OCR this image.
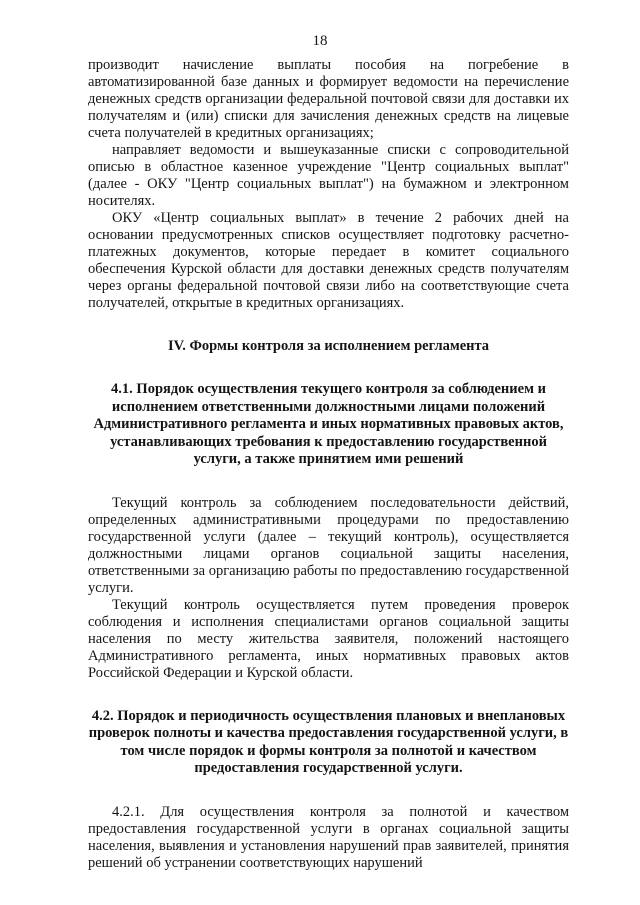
18

производит начисление выплаты пособия на погребение в автоматизированной базе данных и формирует ведомости на перечисление денежных средств организации федеральной почтовой связи для доставки их получателям и (или) списки для зачисления денежных средств на лицевые счета получателей в кредитных организациях;

направляет ведомости и вышеуказанные списки с сопроводительной описью в областное казенное учреждение "Центр социальных выплат" (далее - ОКУ "Центр социальных выплат") на бумажном и электронном носителях.

ОКУ «Центр социальных выплат» в течение 2 рабочих дней на основании предусмотренных списков осуществляет подготовку расчетно-платежных документов, которые передает в комитет социального обеспечения Курской области для доставки денежных средств получателям через органы федеральной почтовой связи либо на соответствующие счета получателей, открытые в кредитных организациях.

IV. Формы контроля за исполнением регламента
4.1. Порядок осуществления текущего контроля за соблюдением и исполнением ответственными должностными лицами положений Административного регламента и иных нормативных правовых актов, устанавливающих требования к предоставлению государственной услуги, а также принятием ими решений

Текущий контроль за соблюдением последовательности действий, определенных административными процедурами по предоставлению государственной услуги (далее – текущий контроль), осуществляется должностными лицами органов социальной защиты населения, ответственными за организацию работы по предоставлению государственной услуги.

Текущий контроль осуществляется путем проведения проверок соблюдения и исполнения специалистами органов социальной защиты населения по месту жительства заявителя, положений настоящего Административного регламента, иных нормативных правовых актов Российской Федерации и Курской области.

4.2. Порядок и периодичность осуществления плановых и внеплановых проверок полноты и качества предоставления государственной услуги, в том числе порядок и формы контроля за полнотой и качеством предоставления государственной услуги.

4.2.1. Для осуществления контроля за полнотой и качеством предоставления государственной услуги в органах социальной защиты населения, выявления и установления нарушений прав заявителей, принятия решений об устранении соответствующих нарушений
